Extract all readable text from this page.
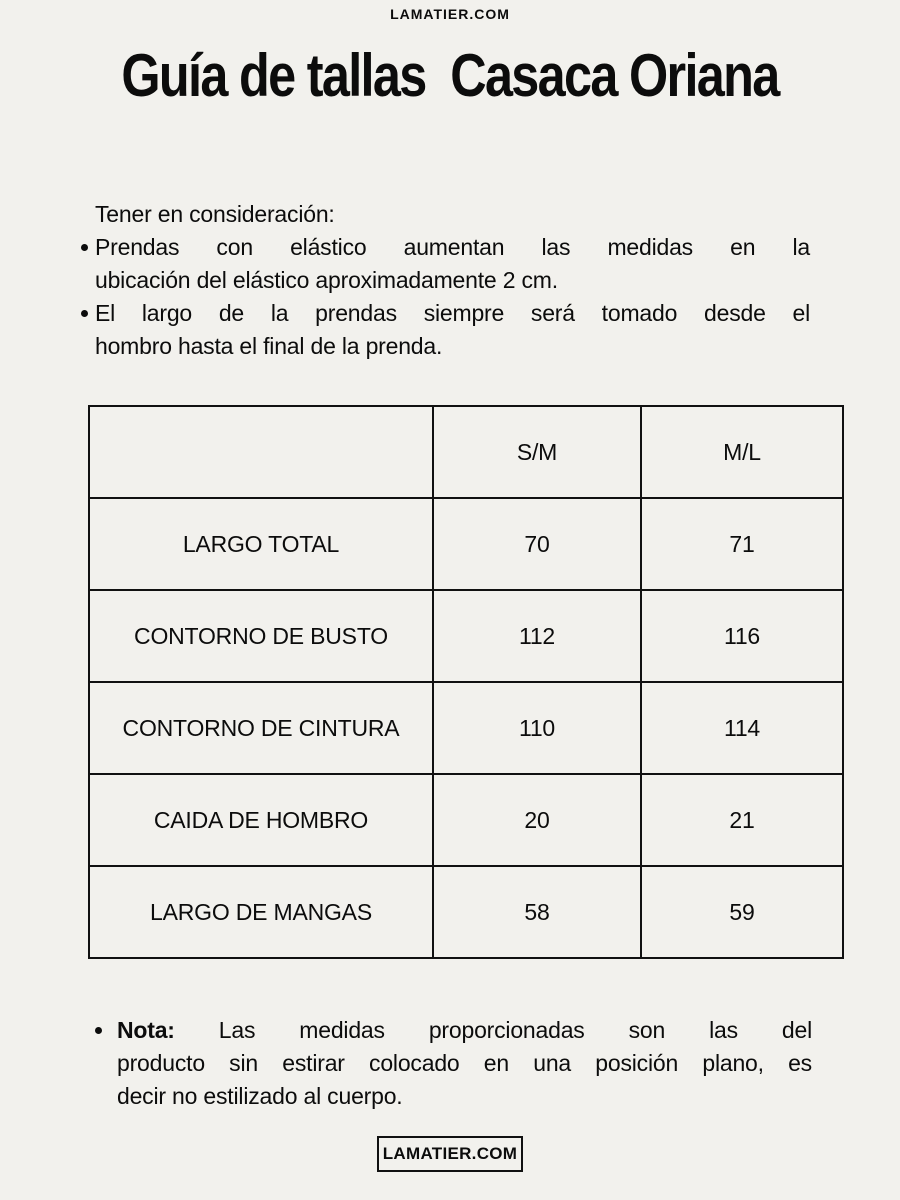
LAMATIER.COM
Guía de tallas  Casaca Oriana
Tener en consideración:
Prendas con elástico aumentan las medidas en la
ubicación del elástico aproximadamente 2 cm.
El largo de la prendas siempre será tomado desde el
hombro hasta el final de la prenda.
	S/M	M/L
LARGO TOTAL	70	71
CONTORNO DE BUSTO	112	116
CONTORNO DE CINTURA	110	114
CAIDA DE HOMBRO	20	21
LARGO DE MANGAS	58	59
Nota: Las medidas proporcionadas son las del
producto sin estirar colocado en una posición plano, es
decir no estilizado al cuerpo.
LAMATIER.COM
